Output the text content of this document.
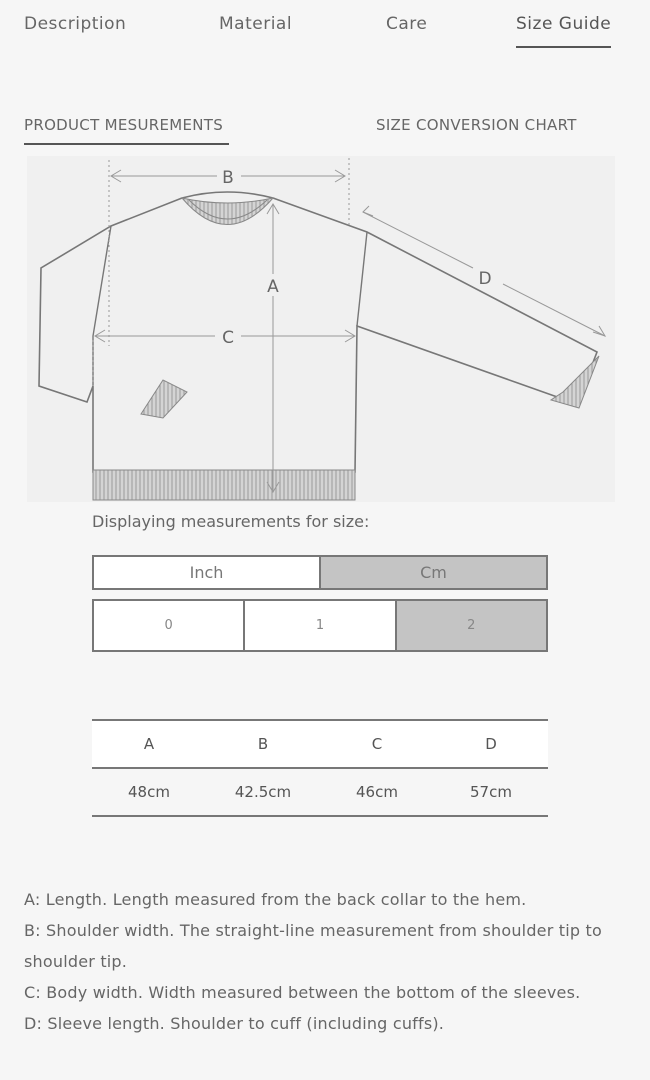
Description	Material	Care	Size Guide
PRODUCT MESUREMENTS	SIZE CONVERSION CHART
B
A
C
D
Displaying measurements for size:
Inch	Cm
0	1	2
A	B	C	D
48cm	42.5cm	46cm	57cm

A: Length. Length measured from the back collar to the hem.

B: Shoulder width. The straight-line measurement from shoulder tip to shoulder tip.

C: Body width. Width measured between the bottom of the sleeves.

D: Sleeve length. Shoulder to cuff (including cuffs).
